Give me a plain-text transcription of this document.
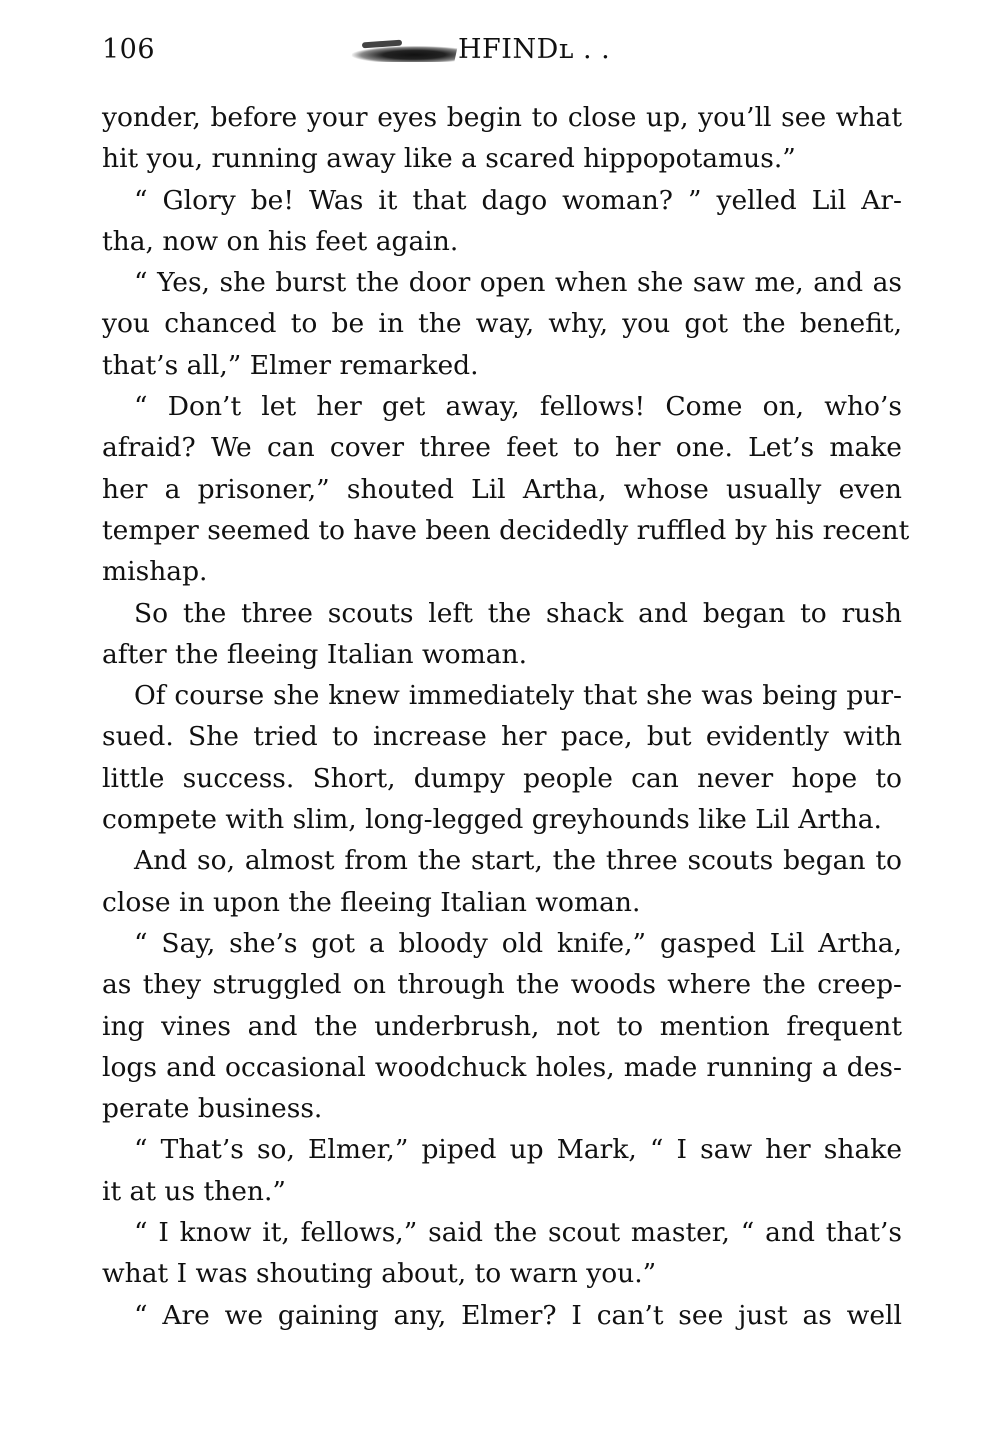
106	HFINDʟ . .
yonder, before your eyes begin to close up, you’ll see what
hit you, running away like a scared hippopotamus.”
“ Glory be! Was it that dago woman? ” yelled Lil Ar-
tha, now on his feet again.
“ Yes, she burst the door open when she saw me, and as
you chanced to be in the way, why, you got the benefit,
that’s all,” Elmer remarked.
“ Don’t let her get away, fellows! Come on, who’s
afraid? We can cover three feet to her one. Let’s make
her a prisoner,” shouted Lil Artha, whose usually even
temper seemed to have been decidedly ruffled by his recent
mishap.
So the three scouts left the shack and began to rush
after the fleeing Italian woman.
Of course she knew immediately that she was being pur-
sued. She tried to increase her pace, but evidently with
little success. Short, dumpy people can never hope to
compete with slim, long-legged greyhounds like Lil Artha.
And so, almost from the start, the three scouts began to
close in upon the fleeing Italian woman.
“ Say, she’s got a bloody old knife,” gasped Lil Artha,
as they struggled on through the woods where the creep-
ing vines and the underbrush, not to mention frequent
logs and occasional woodchuck holes, made running a des-
perate business.
“ That’s so, Elmer,” piped up Mark, “ I saw her shake
it at us then.”
“ I know it, fellows,” said the scout master, “ and that’s
what I was shouting about, to warn you.”
“ Are we gaining any, Elmer? I can’t see just as well
